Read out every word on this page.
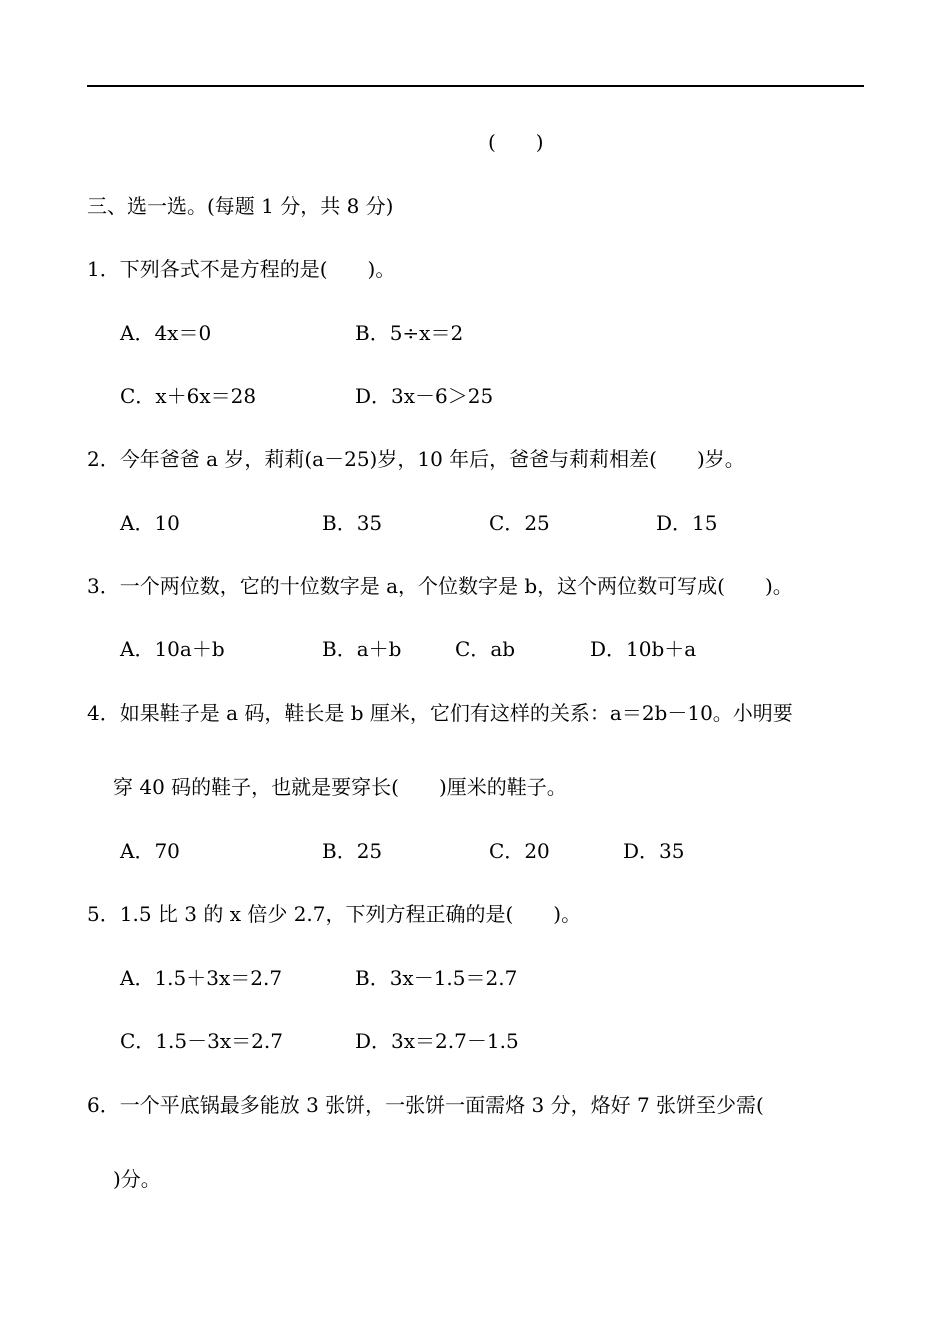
(　　)
三、选一选。(每题 1 分，共 8 分)
1．下列各式不是方程的是(　　)。
A．4x＝0	B．5÷x＝2
C．x＋6x＝28	D．3x－6＞25
2．今年爸爸 a 岁，莉莉(a－25)岁，10 年后，爸爸与莉莉相差(　　)岁。
A．10	B．35	C．25	D．15
3．一个两位数，它的十位数字是 a，个位数字是 b，这个两位数可写成(　　)。
A．10a＋b	B．a＋b	C．ab	D．10b＋a
4．如果鞋子是 a 码，鞋长是 b 厘米，它们有这样的关系：a＝2b－10。小明要
穿 40 码的鞋子，也就是要穿长(　　)厘米的鞋子。
A．70	B．25	C．20	D．35
5．1.5 比 3 的 x 倍少 2.7，下列方程正确的是(　　)。
A．1.5＋3x＝2.7	B．3x－1.5＝2.7
C．1.5－3x＝2.7	D．3x＝2.7－1.5
6．一个平底锅最多能放 3 张饼，一张饼一面需烙 3 分，烙好 7 张饼至少需(
)分。
